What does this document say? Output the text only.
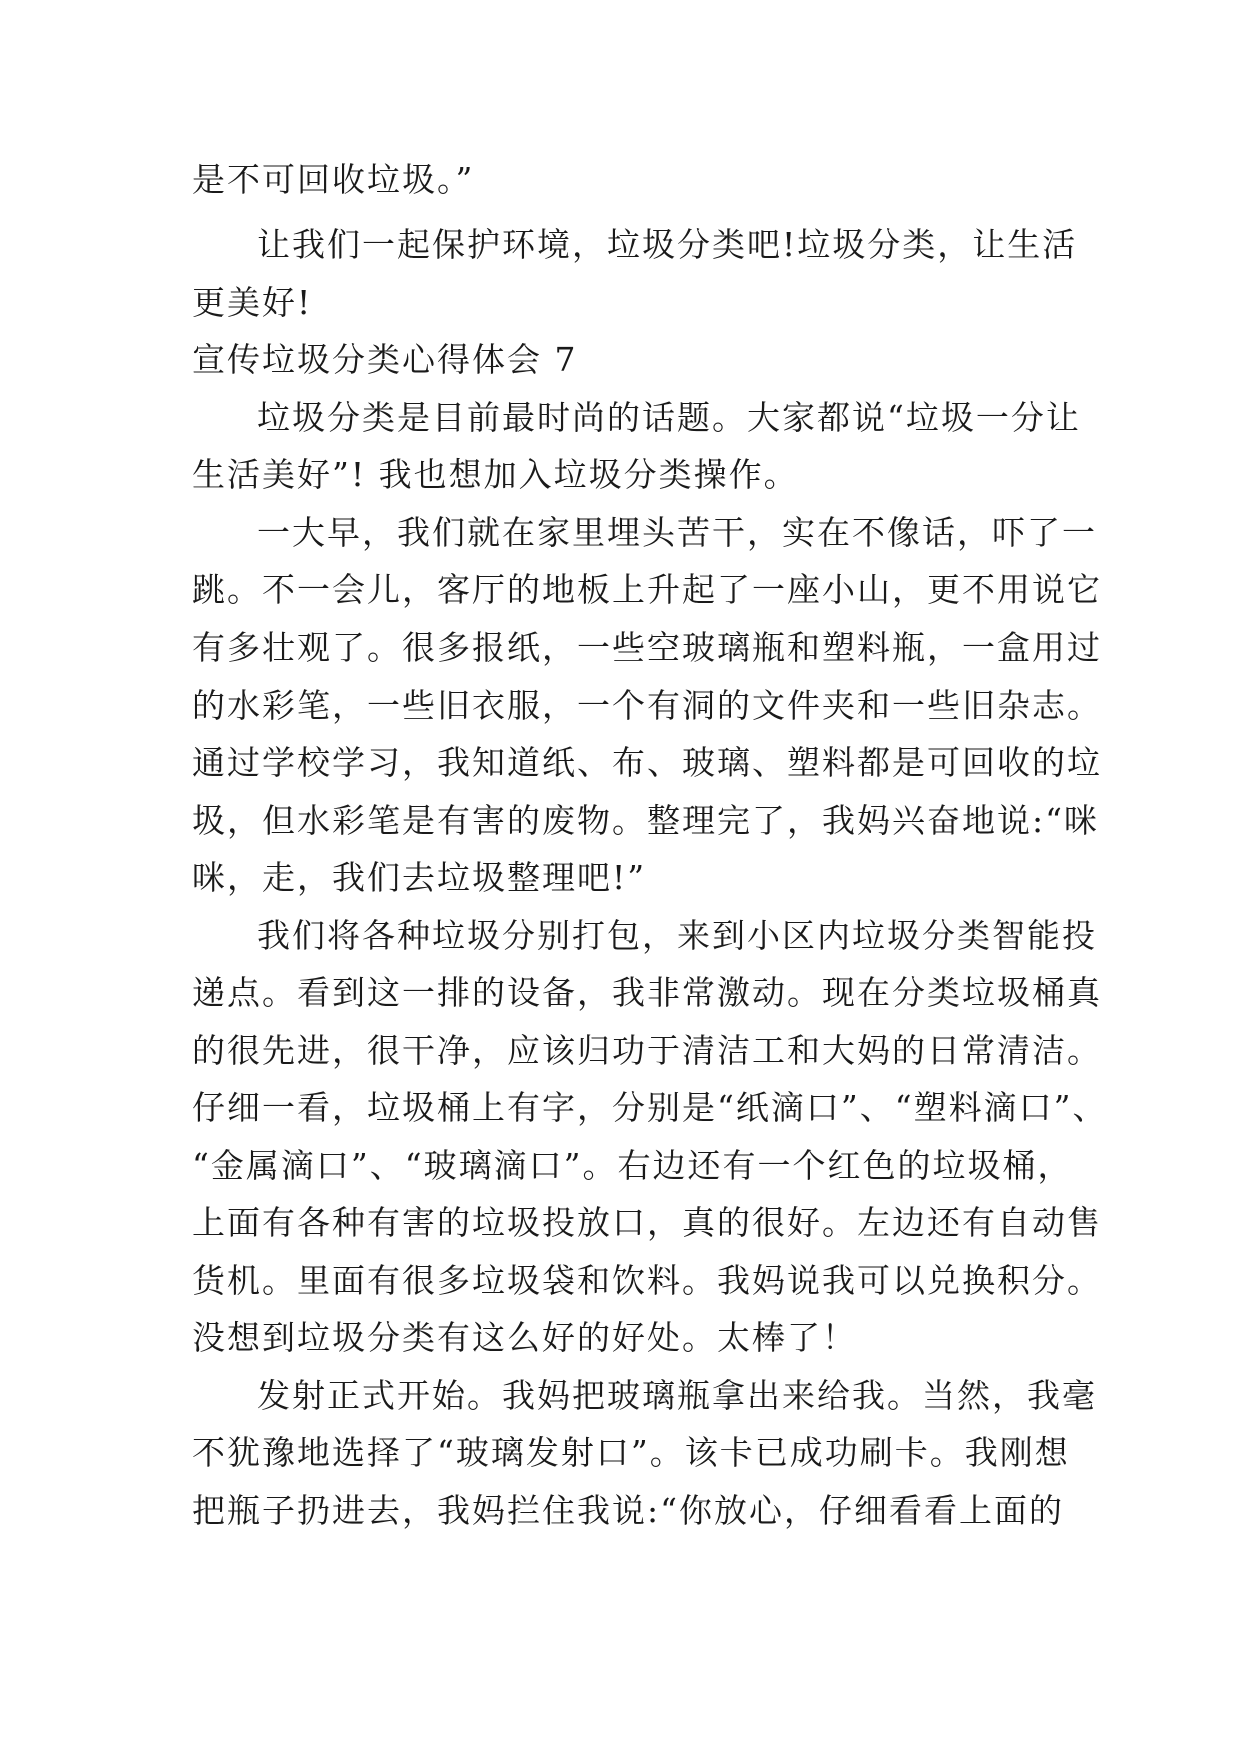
是不可回收垃圾。”
让我们一起保护环境，垃圾分类吧!垃圾分类，让生活
更美好!
宣传垃圾分类心得体会 7
垃圾分类是目前最时尚的话题。大家都说“垃圾一分让
生活美好”! 我也想加入垃圾分类操作。
一大早，我们就在家里埋头苦干，实在不像话，吓了一
跳。不一会儿，客厅的地板上升起了一座小山，更不用说它
有多壮观了。很多报纸，一些空玻璃瓶和塑料瓶，一盒用过
的水彩笔，一些旧衣服，一个有洞的文件夹和一些旧杂志。
通过学校学习，我知道纸、布、玻璃、塑料都是可回收的垃
圾，但水彩笔是有害的废物。整理完了，我妈兴奋地说:“咪
咪，走，我们去垃圾整理吧!”
我们将各种垃圾分别打包，来到小区内垃圾分类智能投
递点。看到这一排的设备，我非常激动。现在分类垃圾桶真
的很先进，很干净，应该归功于清洁工和大妈的日常清洁。
仔细一看，垃圾桶上有字，分别是“纸滴口”、“塑料滴口”、
“金属滴口”、“玻璃滴口”。右边还有一个红色的垃圾桶，
上面有各种有害的垃圾投放口，真的很好。左边还有自动售
货机。里面有很多垃圾袋和饮料。我妈说我可以兑换积分。
没想到垃圾分类有这么好的好处。太棒了！
发射正式开始。我妈把玻璃瓶拿出来给我。当然，我毫
不犹豫地选择了“玻璃发射口”。该卡已成功刷卡。我刚想
把瓶子扔进去，我妈拦住我说:“你放心，仔细看看上面的
